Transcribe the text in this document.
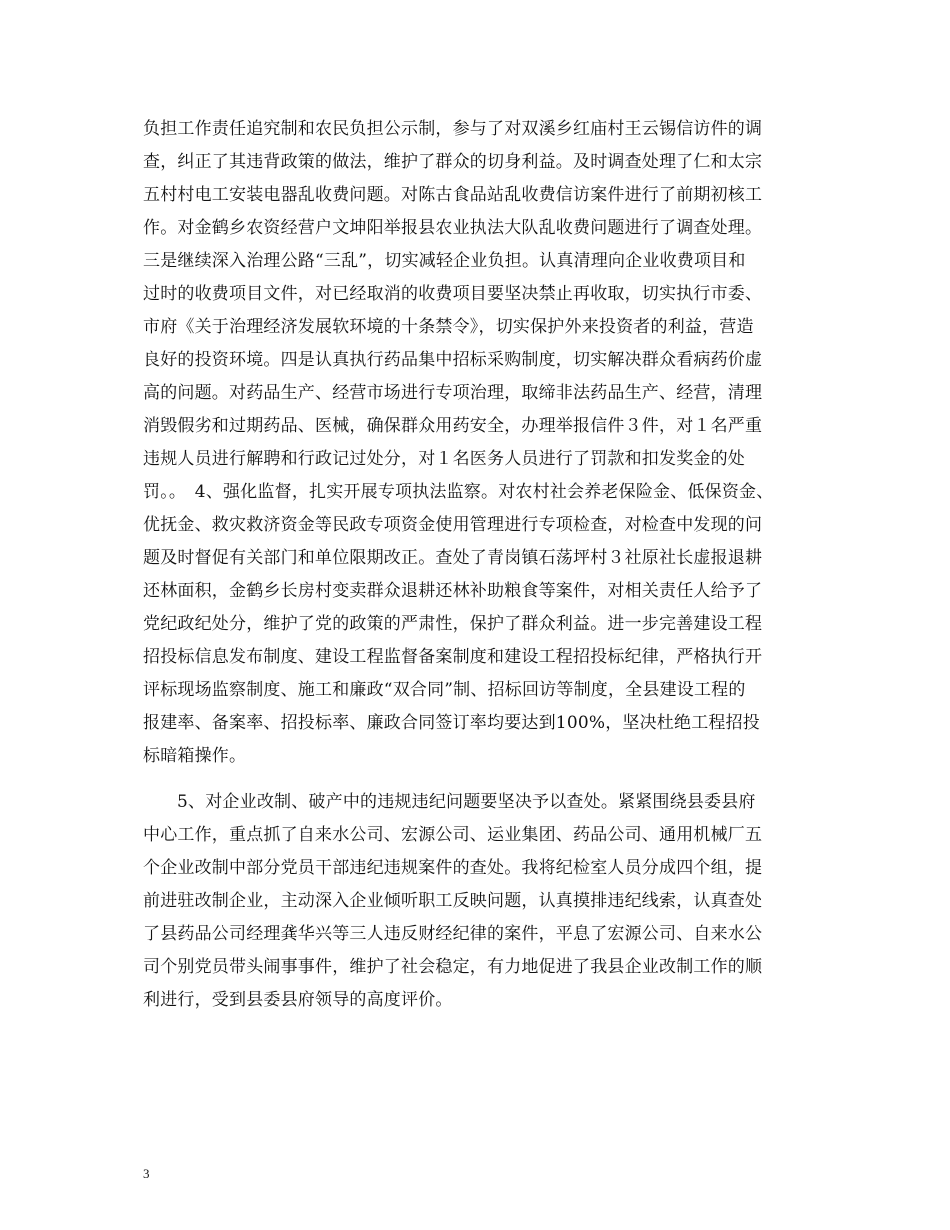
负担工作责任追究制和农民负担公示制，参与了对双溪乡红庙村王云锡信访件的调
查，纠正了其违背政策的做法，维护了群众的切身利益。及时调查处理了仁和太宗
五村村电工安装电器乱收费问题。对陈古食品站乱收费信访案件进行了前期初核工
作。对金鹤乡农资经营户文坤阳举报县农业执法大队乱收费问题进行了调查处理。
三是继续深入治理公路“三乱”，切实减轻企业负担。认真清理向企业收费项目和
过时的收费项目文件，对已经取消的收费项目要坚决禁止再收取，切实执行市委、
市府《关于治理经济发展软环境的十条禁令》，切实保护外来投资者的利益，营造
良好的投资环境。四是认真执行药品集中招标采购制度，切实解决群众看病药价虚
高的问题。对药品生产、经营市场进行专项治理，取缔非法药品生产、经营，清理
消毁假劣和过期药品、医械，确保群众用药安全，办理举报信件３件，对１名严重
违规人员进行解聘和行政记过处分，对１名医务人员进行了罚款和扣发奖金的处
罚。。　4、强化监督，扎实开展专项执法监察。对农村社会养老保险金、低保资金、
优抚金、救灾救济资金等民政专项资金使用管理进行专项检查，对检查中发现的问
题及时督促有关部门和单位限期改正。查处了青岗镇石荡坪村３社原社长虚报退耕
还林面积，金鹤乡长房村变卖群众退耕还林补助粮食等案件，对相关责任人给予了
党纪政纪处分，维护了党的政策的严肃性，保护了群众利益。进一步完善建设工程
招投标信息发布制度、建设工程监督备案制度和建设工程招投标纪律，严格执行开
评标现场监察制度、施工和廉政“双合同”制、招标回访等制度，全县建设工程的
报建率、备案率、招投标率、廉政合同签订率均要达到100%，坚决杜绝工程招投
标暗箱操作。
5、对企业改制、破产中的违规违纪问题要坚决予以查处。紧紧围绕县委县府
中心工作，重点抓了自来水公司、宏源公司、运业集团、药品公司、通用机械厂五
个企业改制中部分党员干部违纪违规案件的查处。我将纪检室人员分成四个组，提
前进驻改制企业，主动深入企业倾听职工反映问题，认真摸排违纪线索，认真查处
了县药品公司经理龚华兴等三人违反财经纪律的案件，平息了宏源公司、自来水公
司个别党员带头闹事事件，维护了社会稳定，有力地促进了我县企业改制工作的顺
利进行，受到县委县府领导的高度评价。
3
